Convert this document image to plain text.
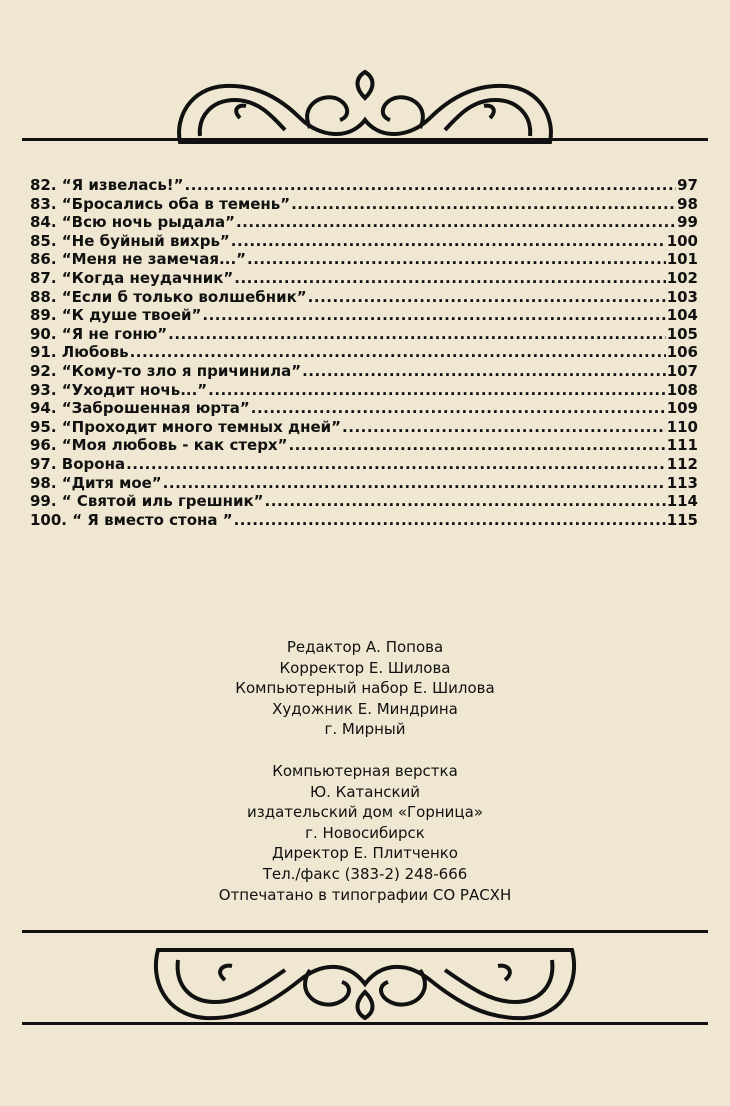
82. “Я извелась!” .....	97
83. “Бросались оба в темень” .....	98
84. “Всю ночь рыдала” .....	99
85. “Не буйный вихрь” .....	100
86. “Меня не замечая...” .....	101
87. “Когда неудачник” .....	102
88. “Если б только волшебник” .....	103
89. “К душе твоей” .....	104
90. “Я не гоню” .....	105
91. Любовь .....	106
92. “Кому-то зло я причинила” .....	107
93. “Уходит ночь...” .....	108
94. “Заброшенная юрта” .....	109
95. “Проходит много темных дней” .....	110
96. “Моя любовь - как стерх” .....	111
97. Ворона .....	112
98. “Дитя мое” .....	113
99. “ Святой иль грешник” .....	114
100. “ Я вместо стона ” .....	115
Редактор А. Попова
Корректор Е. Шилова
Компьютерный набор Е. Шилова
Художник Е. Миндрина
г. Мирный
Компьютерная верстка
Ю. Катанский
издательский дом «Горница»
г. Новосибирск
Директор Е. Плитченко
Тел./факс (383-2) 248-666
Отпечатано в типографии СО РАСХН
